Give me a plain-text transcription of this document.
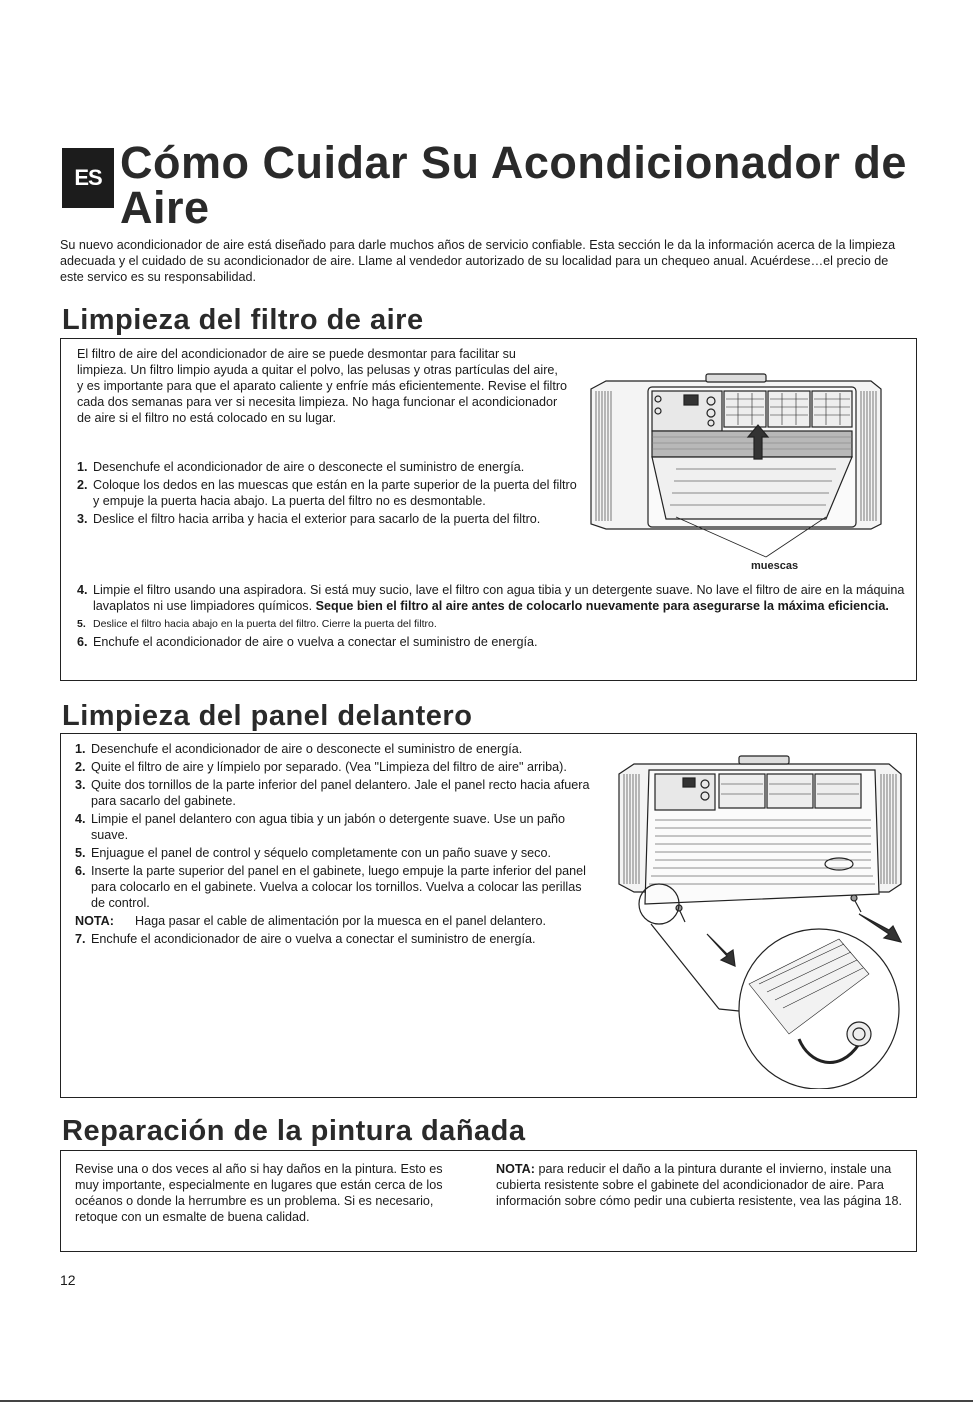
ES Cómo Cuidar Su Acondicionador de
Aire

Su nuevo acondicionador de aire está diseñado para darle muchos años de servicio confiable. Esta sección le da la información acerca de la limpieza adecuada y el cuidado de su acondicionador de aire. Llame al vendedor autorizado de su localidad para un chequeo anual. Acuérdese…el precio de este servico es su responsabilidad.

Limpieza del filtro de aire

El filtro de aire del acondicionador de aire se puede desmontar para facilitar su limpieza. Un filtro limpio ayuda a quitar el polvo, las pelusas y otras partículas del aire, y es importante para que el aparato caliente y enfríe más eficientemente. Revise el filtro cada dos semanas para ver si necesita limpieza. No haga funcionar el acondicionador de aire si el filtro no está colocado en su lugar.

1. Desenchufe el acondicionador de aire o desconecte el suministro de energía.
2. Coloque los dedos en las muescas que están en la parte superior de la puerta del filtro y empuje la puerta hacia abajo. La puerta del filtro no es desmontable.
3. Deslice el filtro hacia arriba y hacia el exterior para sacarlo de la puerta del filtro.
4. Limpie el filtro usando una aspiradora. Si está muy sucio, lave el filtro con agua tibia y un detergente suave. No lave el filtro de aire en la máquina lavaplatos ni use limpiadores químicos. Seque bien el filtro al aire antes de colocarlo nuevamente para asegurarse la máxima eficiencia.
5. Deslice el filtro hacia abajo en la puerta del filtro. Cierre la puerta del filtro.
6. Enchufe el acondicionador de aire o vuelva a conectar el suministro de energía.
muescas
Limpieza del panel delantero
1. Desenchufe el acondicionador de aire o desconecte el suministro de energía.
2. Quite el filtro de aire y límpielo por separado. (Vea "Limpieza del filtro de aire" arriba).
3. Quite dos tornillos de la parte inferior del panel delantero. Jale el panel recto hacia afuera para sacarlo del gabinete.
4. Limpie el panel delantero con agua tibia y un jabón o detergente suave. Use un paño suave.
5. Enjuague el panel de control y séquelo completamente con un paño suave y seco.
6. Inserte la parte superior del panel en el gabinete, luego empuje la parte inferior del panel para colocarlo en el gabinete. Vuelva a colocar los tornillos. Vuelva a colocar las perillas de control.
NOTA: Haga pasar el cable de alimentación por la muesca en el panel delantero.
7. Enchufe el acondicionador de aire o vuelva a conectar el suministro de energía.
Reparación de la pintura dañada

Revise una o dos veces al año si hay daños en la pintura. Esto es muy importante, especialmente en lugares que están cerca de los océanos o donde la herrumbre es un problema. Si es necesario, retoque con un esmalte de buena calidad.

NOTA: para reducir el daño a la pintura durante el invierno, instale una cubierta resistente sobre el gabinete del acondicionador de aire. Para información sobre cómo pedir una cubierta resistente, vea las página 18.

12
